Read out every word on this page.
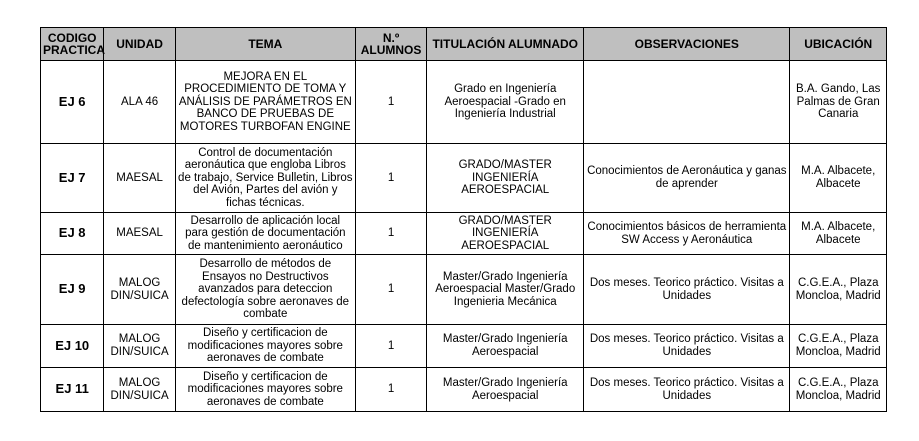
CODIGO PRACTICA	UNIDAD	TEMA	N.º ALUMNOS	TITULACIÓN ALUMNADO	OBSERVACIONES	UBICACIÓN
EJ 6	ALA 46	MEJORA EN EL PROCEDIMIENTO DE TOMA Y ANÁLISIS DE PARÁMETROS EN BANCO DE PRUEBAS DE MOTORES TURBOFAN ENGINE	1	Grado en Ingeniería Aeroespacial -Grado en Ingeniería Industrial		B.A. Gando, Las Palmas de Gran Canaria
EJ 7	MAESAL	Control de documentación aeronáutica que engloba Libros de trabajo, Service Bulletin, Libros del Avión, Partes del avión y fichas técnicas.	1	GRADO/MASTER INGENIERÍA AEROESPACIAL	Conocimientos de Aeronáutica y ganas de aprender	M.A. Albacete, Albacete
EJ 8	MAESAL	Desarrollo de aplicación local para gestión de documentación de mantenimiento aeronáutico	1	GRADO/MASTER INGENIERÍA AEROESPACIAL	Conocimientos básicos de herramienta SW Access y Aeronáutica	M.A. Albacete, Albacete
EJ 9	MALOG DIN/SUICA	Desarrollo de métodos de Ensayos no Destructivos avanzados para deteccion defectología sobre aeronaves de combate	1	Master/Grado Ingeniería Aeroespacial Master/Grado Ingenieria Mecánica	Dos meses. Teorico práctico. Visitas a Unidades	C.G.E.A., Plaza Moncloa, Madrid
EJ 10	MALOG DIN/SUICA	Diseño y certificacion de modificaciones mayores sobre aeronaves de combate	1	Master/Grado Ingeniería Aeroespacial	Dos meses. Teorico práctico. Visitas a Unidades	C.G.E.A., Plaza Moncloa, Madrid
EJ 11	MALOG DIN/SUICA	Diseño y certificacion de modificaciones mayores sobre aeronaves de combate	1	Master/Grado Ingeniería Aeroespacial	Dos meses. Teorico práctico. Visitas a Unidades	C.G.E.A., Plaza Moncloa, Madrid
